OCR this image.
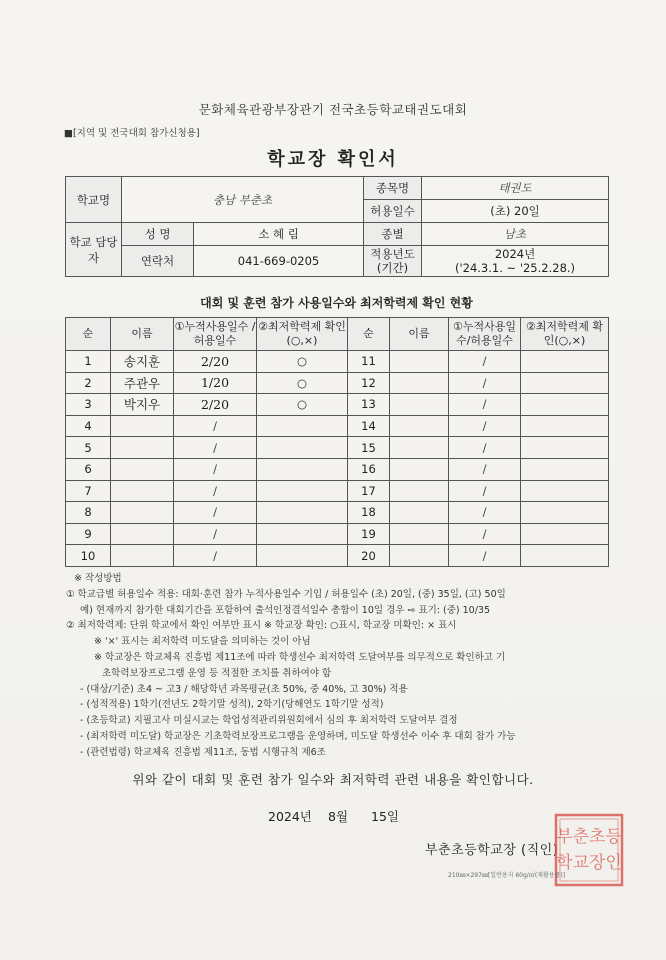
문화체육관광부장관기 전국초등학교태권도대회
■[지역 및 전국대회 참가신청용]
학교장 확인서
학교명	충남 부춘초		종목명	태권도
			허용일수	(초) 20일
학교 담당자	성 명	소 혜 림	종별	남초
	연락처	041-669-0205	적용년도 (기간)	2024년
('24.3.1. ~ '25.2.28.)
대회 및 훈련 참가 사용일수와 최저학력제 확인 현황
순	이름	①누적사용일수 /허용일수	②최저학력제 확인(○,×)	순	이름	①누적사용일 수/허용일수	②최저학력제 확인(○,×)
1	송지훈	2/20	○	11		/	
2	주관우	1/20	○	12		/	
3	박지우	2/20	○	13		/	
4		/		14		/	
5		/		15		/	
6		/		16		/	
7		/		17		/	
8		/		18		/	
9		/		19		/	
10		/		20		/	
※ 작성방법
① 학교급별 허용일수 적용: 대회·훈련 참가 누적사용일수 기입 / 허용일수 (초) 20일, (중) 35일, (고) 50일
예) 현재까지 참가한 대회기간을 포함하여 출석인정결석일수 총합이 10일 경우 ⇨ 표기: (중) 10/35
② 최저학력제: 단위 학교에서 확인 여부만 표시 ※ 학교장 확인: ○표시, 학교장 미확인: × 표시
※ '×' 표시는 최저학력 미도달을 의미하는 것이 아님
※ 학교장은 학교체육 진흥법 제11조에 따라 학생선수 최저학력 도달여부를 의무적으로 확인하고 기
초학력보장프로그램 운영 등 적절한 조치를 취하여야 함
- (대상/기준) 초4 ~ 고3 / 해당학년 과목평균(초 50%, 중 40%, 고 30%) 적용
- (성적적용) 1학기(전년도 2학기말 성적), 2학기(당해연도 1학기말 성적)
- (초등학교) 지필고사 미실시교는 학업성적관리위원회에서 심의 후 최저학력 도달여부 결정
- (최저학력 미도달) 학교장은 기초학력보장프로그램을 운영하며, 미도달 학생선수 이수 후 대회 참가 가능
- (관련법령) 학교체육 진흥법 제11조, 동법 시행규칙 제6조
위와 같이 대회 및 훈련 참가 일수와 최저학력 관련 내용을 확인합니다.
2024년 8월 15일
부춘초등학교장 (직인)
부춘초등
학교장인
210㎜×297㎜[일반용지 60g/㎡(재활용품)]
